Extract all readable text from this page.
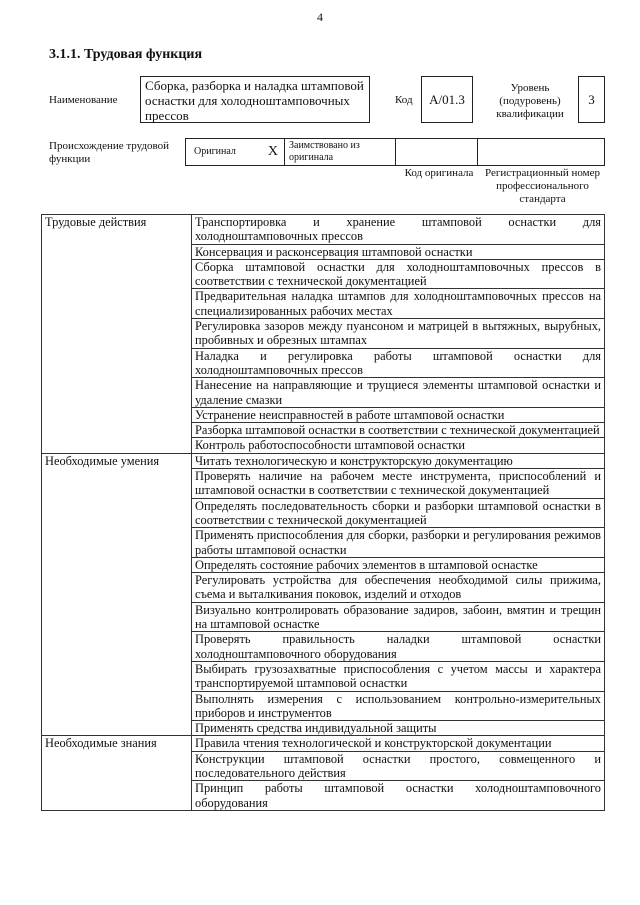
4
3.1.1. Трудовая функция
Наименование
Сборка, разборка и наладка штамповой оснастки для холодноштамповочных прессов
Код	A/01.3
Уровень (подуровень) квалификации
3
Происхождение трудовой функции
Оригинал X	Заимствовано из оригинала
Код оригинала	Регистрационный номер профессионального стандарта
Трудовые действия	Транспортировка и хранение штамповой оснастки для холодноштамповочных прессов
	Консервация и расконсервация штамповой оснастки
	Сборка штамповой оснастки для холодноштамповочных прессов в соответствии с технической документацией
	Предварительная наладка штампов для холодноштамповочных прессов на специализированных рабочих местах
	Регулировка зазоров между пуансоном и матрицей в вытяжных, вырубных, пробивных и обрезных штампах
	Наладка и регулировка работы штамповой оснастки для холодноштамповочных прессов
	Нанесение на направляющие и трущиеся элементы штамповой оснастки и удаление смазки
	Устранение неисправностей в работе штамповой оснастки
	Разборка штамповой оснастки в соответствии с технической документацией
	Контроль работоспособности штамповой оснастки
Необходимые умения	Читать технологическую и конструкторскую документацию
	Проверять наличие на рабочем месте инструмента, приспособлений и штамповой оснастки в соответствии с технической документацией
	Определять последовательность сборки и разборки штамповой оснастки в соответствии с технической документацией
	Применять приспособления для сборки, разборки и регулирования режимов работы штамповой оснастки
	Определять состояние рабочих элементов в штамповой оснастке
	Регулировать устройства для обеспечения необходимой силы прижима, съема и выталкивания поковок, изделий и отходов
	Визуально контролировать образование задиров, забоин, вмятин и трещин на штамповой оснастке
	Проверять правильность наладки штамповой оснастки холодноштамповочного оборудования
	Выбирать грузозахватные приспособления с учетом массы и характера транспортируемой штамповой оснастки
	Выполнять измерения с использованием контрольно-измерительных приборов и инструментов
	Применять средства индивидуальной защиты
Необходимые знания	Правила чтения технологической и конструкторской документации
	Конструкции штамповой оснастки простого, совмещенного и последовательного действия
	Принцип работы штамповой оснастки холодноштамповочного оборудования
